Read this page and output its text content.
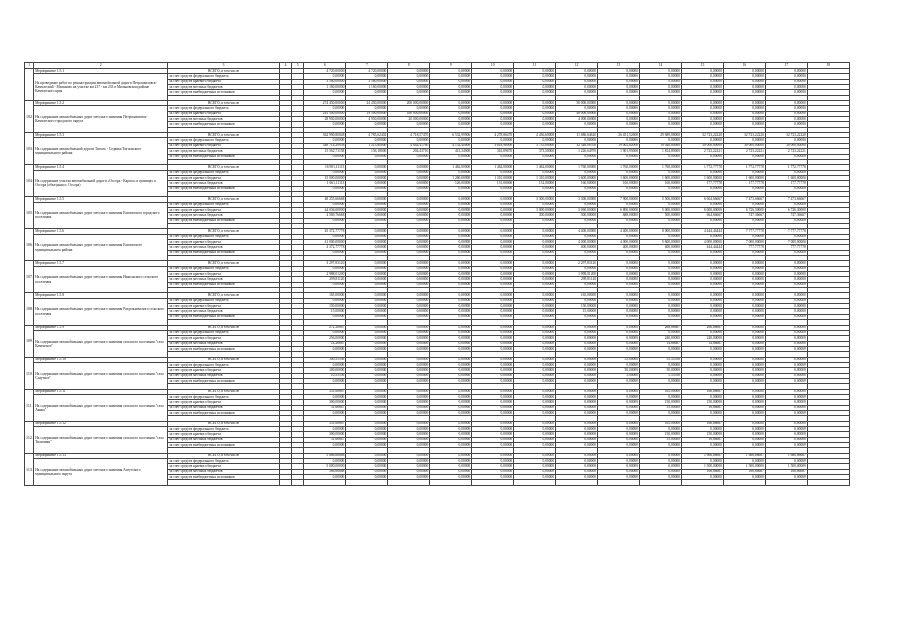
1	2	3	4	5	6	7	8	9	10	11	12	13	14	15	16	17	18
	Мероприятие 1.5.1	ВСЕГО, в том числе			4 720,00000	4 720,00000	0,00000	0,00000	0,00000	0,00000	0,00000	0,00000	0,00000	0,00000	0,00000	0,00000	
	На проведение работ по реконструкции автомобильной дороги Петропавловск-Камчатский - Мильково на участке км 217 - км 233 в Мильковском районе Камчатского края	за счет средств федерального бюджета			0,00000	0,00000	0,00000	0,00000	0,00000	0,00000	0,00000	0,00000	0,00000	0,00000	0,00000	0,00000	
		за счет средств краевого бюджета			3 560,00000	3 560,00000	0,00000	0,00000	0,00000	0,00000	0,00000	0,00000	0,00000	0,00000	0,00000	0,00000	
		за счет средств местных бюджетов			1 160,00000	1 160,00000	0,00000	0,00000	0,00000	0,00000	0,00000	0,00000	0,00000	0,00000	0,00000	0,00000	
		за счет средств внебюджетных источников			0,00000	0,00000	0,00000	0,00000	0,00000	0,00000	0,00000	0,00000	0,00000	0,00000	0,00000	0,00000	

102.	Мероприятие 1.5.2	ВСЕГО, в том числе			274 450,00000	24 450,00000	200 000,00000	0,00000	0,00000	0,00000	50 000,00000	0,00000	0,00000	0,00000	0,00000	0,00000	
	На содержание автомобильных дорог местного значения Петропавловск-Камчатского городского округа	за счет средств федерального бюджета			0,00000	0,00000	0,00000	0,00000	0,00000	0,00000	0,00000	0,00000	0,00000	0,00000	0,00000	0,00000	
		за счет средств краевого бюджета			245 500,00000	19 500,00000	180 000,00000	0,00000	0,00000	0,00000	46 000,00000	0,00000	0,00000	0,00000	0,00000	0,00000	
		за счет средств местных бюджетов			28 950,00000	4 950,00000	20 000,00000	0,00000	0,00000	0,00000	4 000,00000	0,00000	0,00000	0,00000	0,00000	0,00000	
		за счет средств внебюджетных источников			0,00000	0,00000	0,00000	0,00000	0,00000	0,00000	0,00000	0,00000	0,00000	0,00000	0,00000	0,00000	

103.	Мероприятие 1.5.3	ВСЕГО, в том числе			362 990,80048	4 785,62402	4 718,57470	6 532,99906	4 278,86470	4 436,60008	11 686,64620	26 451,52600	29 689,08000	32 723,22220	32 723,22220	32 723,22220	
	На содержание автомобильной дороги Тигиль - Седанка Тигильского муниципального района	за счет средств федерального бюджета			0,00000	0,00000	0,00000	0,00000	0,00000	0,00000	0,00000	0,00000	0,00000	0,00000	0,00000	0,00000	
		за счет средств краевого бюджета			346 714,20958	1 513,80000	4 644,41760	4 133,40000	3 618,98000	3 735,00000	32 346,08700	19 002,82000	19 040,00000	30 000,00000	30 000,00000	30 000,00000	
		за счет средств местных бюджетов			15 562,71158	156,18000	204,43710	413,34900	361,89670	373,50000	1 226,64970	1 901,95000	1 814,89000	2 723,22221	2 723,22221	2 723,22221	
		за счет средств внебюджетных источников			0,00000	0,00000	0,00000	0,00000	0,00000	0,00000	0,00000	0,00000	0,00000	0,00000	0,00000	0,00000	

104.	Мероприятие 1.5.4	ВСЕГО, в том числе			16 901,11113	0,00000	0,00000	1 462,00000	1 462,00000	1 462,00000	1 760,00000	1 760,00000	1 760,00000	1 772,77778	1 772,77778	1 772,77778	
	На содержание участка автомобильной дороги «Оссора - Карага» в границах п. Оссора (объездная п. Оссора)	за счет средств федерального бюджета			0,00000	0,00000	0,00000	0,00000	0,00000	0,00000	0,00000	0,00000	0,00000	0,00000	0,00000	0,00000	
		за счет средств краевого бюджета			15 000,00000	0,00000	0,00000	1 260,00000	1 310,00000	1 310,00000	1 600,00000	1 600,00000	1 600,00000	1 600,00000	1 600,00000	1 600,00000	
		за счет средств местных бюджетов			1 661,11113	0,00000	0,00000	126,00000	151,00000	152,00000	160,00000	160,00000	160,00000	177,77778	177,77778	177,77778	
		за счет средств внебюджетных источников			0,00000	0,00000	0,00000	0,00000	0,00000	0,00000	0,00000	0,00000	0,00000	0,00000	0,00000	0,00000	

105.	Мероприятие 1.5.5	ВСЕГО, в том числе			48 255,66668	0,00000	0,00000	0,00000	0,00000	3 300,00000	3 300,00000	7 900,00000	5 500,00000	6 664,66667	7 473,66667	7 473,66667	
	На содержание автомобильных дорог местного значения Елизовского городского поселения	за счет средств федерального бюджета			0,00000	0,00000	0,00000	0,00000	0,00000	0,00000	0,00000	0,00000	0,00000	0,00000	0,00000	0,00000	
		за счет средств краевого бюджета			44 036,00000	0,00000	0,00000	0,00000	0,00000	3 000,00000	3 060,00000	6 800,00000	5 000,00000	6 000,00000	6 726,30000	6 726,30000	
		за счет средств местных бюджетов			4 569,76668	0,00000	0,00000	0,00000	0,00000	300,00000	300,00000	688,00000	500,00000	664,66667	747,36667	747,36667	
		за счет средств внебюджетных источников			0,00000	0,00000	0,00000	0,00000	0,00000	0,00000	0,00000	0,00000	0,00000	0,00000	0,00000	0,00000	

106.	Мероприятие 1.5.6	ВСЕГО, в том числе			45 372,77778	0,00000	0,00000	0,00000	0,00000	0,00000	4 400,00000	4 400,00000	8 000,00000	4 444,44444	7 777,77778	7 777,77778	
	На содержание автомобильных дорог местного значения Елизовского муниципального района	за счет средств федерального бюджета			0,00000	0,00000	0,00000	0,00000	0,00000	0,00000	0,00000	0,00000	0,00000	0,00000	0,00000	0,00000	
		за счет средств краевого бюджета			41 000,00000	0,00000	0,00000	0,00000	0,00000	0,00000	4 000,00000	4 000,00000	5 600,00000	4 000,00000	7 000,00000	7 000,00000	
		за счет средств местных бюджетов			4 372,77778	0,00000	0,00000	0,00000	0,00000	0,00000	400,00000	400,00000	400,00000	444,44444	777,77778	777,77778	
		за счет средств внебюджетных источников			0,00000	0,00000	0,00000	0,00000	0,00000	0,00000	0,00000	0,00000	0,00000	0,00000	0,00000	0,00000	

107.	Мероприятие 1.5.7	ВСЕГО, в том числе			3 297,83120	0,00000	0,00000	0,00000	0,00000	0,00000	2 297,83120	0,00000	0,00000	0,00000	0,00000	0,00000	
	На содержание автомобильных дорог местного значения Никольского сельского поселения	за счет средств федерального бюджета			0,00000	0,00000	0,00000	0,00000	0,00000	0,00000	0,00000	0,00000	0,00000	0,00000	0,00000	0,00000	
		за счет средств краевого бюджета			2 988,01200	0,00000	0,00000	0,00000	0,00000	0,00000	1 998,01200	0,00000	0,00000	0,00000	0,00000	0,00000	
		за счет средств местных бюджетов			299,81120	0,00000	0,00000	0,00000	0,00000	0,00000	299,81120	0,00000	0,00000	0,00000	0,00000	0,00000	
		за счет средств внебюджетных источников			0,00000	0,00000	0,00000	0,00000	0,00000	0,00000	0,00000	0,00000	0,00000	0,00000	0,00000	0,00000	

108.	Мероприятие 1.5.8	ВСЕГО, в том числе			165,00000	0,00000	0,00000	0,00000	0,00000	0,00000	165,00000	0,00000	0,00000	0,00000	0,00000	0,00000	
	На содержание автомобильных дорог местного значения Раздольненского сельского поселения	за счет средств федерального бюджета			0,00000	0,00000	0,00000	0,00000	0,00000	0,00000	0,00000	0,00000	0,00000	0,00000	0,00000	0,00000	
		за счет средств краевого бюджета			150,00000	0,00000	0,00000	0,00000	0,00000	0,00000	150,00000	0,00000	0,00000	0,00000	0,00000	0,00000	
		за счет средств местных бюджетов			15,00000	0,00000	0,00000	0,00000	0,00000	0,00000	15,00000	0,00000	0,00000	0,00000	0,00000	0,00000	
		за счет средств внебюджетных источников			0,00000	0,00000	0,00000	0,00000	0,00000	0,00000	0,00000	0,00000	0,00000	0,00000	0,00000	0,00000	

109.	Мероприятие 1.5.9	ВСЕГО, в том числе			272,26667	0,00000	0,00000	0,00000	0,00000	0,00000	0,00000	0,00000	266,66667	266,66667	0,00000	0,00000	
	На содержание автомобильных дорог местного значения сельского поселения "село Каменское"	за счет средств федерального бюджета			0,00000	0,00000	0,00000	0,00000	0,00000	0,00000	0,00000	0,00000	0,00000	0,00000	0,00000	0,00000	
		за счет средств краевого бюджета			256,00000	0,00000	0,00000	0,00000	0,00000	0,00000	0,00000	0,00000	240,00000	240,00000	0,00000	0,00000	
		за счет средств местных бюджетов			14,26667	0,00000	0,00000	0,00000	0,00000	0,00000	0,00000	0,00000	14,66667	14,66667	0,00000	0,00000	
		за счет средств внебюджетных источников			0,00000	0,00000	0,00000	0,00000	0,00000	0,00000	0,00000	0,00000	0,00000	0,00000	0,00000	0,00000	

110.	Мероприятие 1.5.10	ВСЕГО, в том числе			100,55556	0,00000	0,00000	0,00000	0,00000	0,00000	0,00000	55,00000	55,55556	0,00000	0,00000	0,00000	
	На содержание автомобильных дорог местного значения сельского поселения "село Слаутное"	за счет средств федерального бюджета			0,00000	0,00000	0,00000	0,00000	0,00000	0,00000	0,00000	0,00000	0,00000	0,00000	0,00000	0,00000	
		за счет средств краевого бюджета			100,00000	0,00000	0,00000	0,00000	0,00000	0,00000	0,00000	50,00000	50,00000	0,00000	0,00000	0,00000	
		за счет средств местных бюджетов			10,55556	0,00000	0,00000	0,00000	0,00000	0,00000	0,00000	5,00000	5,55556	0,00000	0,00000	0,00000	
		за счет средств внебюджетных источников			0,00000	0,00000	0,00000	0,00000	0,00000	0,00000	0,00000	0,00000	0,00000	0,00000	0,00000	0,00000	

111.	Мероприятие 1.5.11	ВСЕГО, в том числе			331,66667	0,00000	0,00000	0,00000	0,00000	0,00000	0,00000	0,00000	165,00000	166,66667	0,00000	0,00000	
	На содержание автомобильных дорог местного значения сельского поселения "село Аянка"	за счет средств федерального бюджета			0,00000	0,00000	0,00000	0,00000	0,00000	0,00000	0,00000	0,00000	0,00000	0,00000	0,00000	0,00000	
		за счет средств краевого бюджета			300,00000	0,00000	0,00000	0,00000	0,00000	0,00000	0,00000	0,00000	150,00000	150,00000	0,00000	0,00000	
		за счет средств местных бюджетов			31,66667	0,00000	0,00000	0,00000	0,00000	0,00000	0,00000	0,00000	15,00000	16,66667	0,00000	0,00000	
		за счет средств внебюджетных источников			0,00000	0,00000	0,00000	0,00000	0,00000	0,00000	0,00000	0,00000	0,00000	0,00000	0,00000	0,00000	

112.	Мероприятие 1.5.12	ВСЕГО, в том числе			331,66667	0,00000	0,00000	0,00000	0,00000	0,00000	0,00000	0,00000	165,00000	166,66667	0,00000	0,00000	
	На содержание автомобильных дорог местного значения сельского поселения "село Тиличики"	за счет средств федерального бюджета			0,00000	0,00000	0,00000	0,00000	0,00000	0,00000	0,00000	0,00000	0,00000	0,00000	0,00000	0,00000	
		за счет средств краевого бюджета			300,00000	0,00000	0,00000	0,00000	0,00000	0,00000	0,00000	0,00000	150,00000	150,00000	0,00000	0,00000	
		за счет средств местных бюджетов			31,66667	0,00000	0,00000	0,00000	0,00000	0,00000	0,00000	0,00000	15,00000	16,66667	0,00000	0,00000	
		за счет средств внебюджетных источников			0,00000	0,00000	0,00000	0,00000	0,00000	0,00000	0,00000	0,00000	0,00000	0,00000	0,00000	0,00000	

113.	Мероприятие 1.5.13	ВСЕГО, в том числе			5 666,66668	0,00000	0,00000	0,00000	0,00000	0,00000	0,00000	0,00000	0,00000	1 666,66667	1 666,66667	1 666,66667	
	На содержание автомобильных дорог местного значения Алеутского муниципального округа	за счет средств федерального бюджета			0,00000	0,00000	0,00000	0,00000	0,00000	0,00000	0,00000	0,00000	0,00000	0,00000	0,00000	0,00000	
		за счет средств краевого бюджета			5 000,00000	0,00000	0,00000	0,00000	0,00000	0,00000	0,00000	0,00000	0,00000	1 500,00000	1 500,00000	1 500,00000	
		за счет средств местных бюджетов			566,66668	0,00000	0,00000	0,00000	0,00000	0,00000	0,00000	0,00000	0,00000	166,66667	166,66667	166,66667	
		за счет средств внебюджетных источников			0,00000	0,00000	0,00000	0,00000	0,00000	0,00000	0,00000	0,00000	0,00000	0,00000	0,00000	0,00000	
